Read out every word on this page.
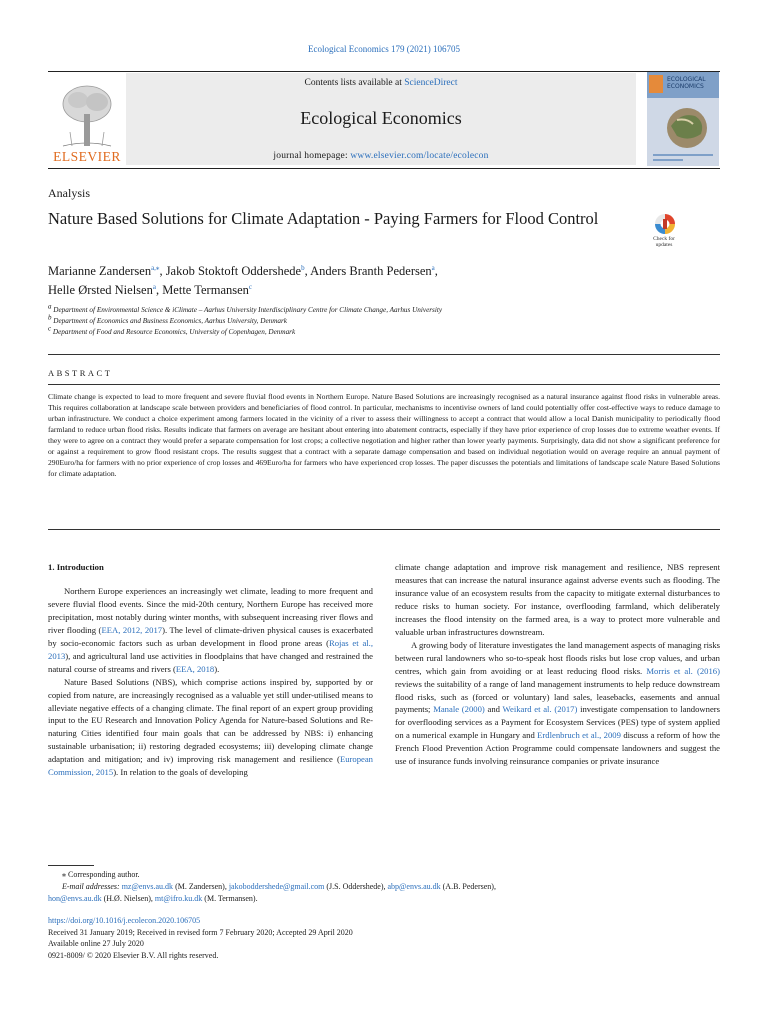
Ecological Economics 179 (2021) 106705
ELSEVIER
Contents lists available at ScienceDirect
Ecological Economics
journal homepage: www.elsevier.com/locate/ecolecon
ECOLOGICAL
ECONOMICS
Analysis
Nature Based Solutions for Climate Adaptation - Paying Farmers for Flood Control
Check for
updates
Marianne Zandersen$^{a,⁎}$, Jakob Stoktoft Oddershede$^b$, Anders Branth Pedersen$^a$,
Helle Ørsted Nielsen$^a$, Mette Termansen$^c$
$^a$ Department of Environmental Science & iClimate – Aarhus University Interdisciplinary Centre for Climate Change, Aarhus University
$^b$ Department of Economics and Business Economics, Aarhus University, Denmark
$^c$ Department of Food and Resource Economics, University of Copenhagen, Denmark
ABSTRACT
Climate change is expected to lead to more frequent and severe fluvial flood events in Northern Europe. Nature Based Solutions are increasingly recognised as a natural insurance against flood risks in vulnerable areas. This requires collaboration at landscape scale between providers and beneficiaries of flood control. In particular, mechanisms to incentivise owners of land could potentially offer cost-effective ways to reduce damage to urban infrastructure. We conduct a choice experiment among farmers located in the vicinity of a river to assess their willingness to accept a contract that would allow a local Danish municipality to periodically flood farmland to reduce urban flood risks. Results indicate that farmers on average are hesitant about entering into abatement contracts, especially if they have prior experience of crop losses due to extreme weather events. If they were to agree on a contract they would prefer a separate compensation for lost crops; a collective negotiation and higher rather than lower yearly payments. Surprisingly, data did not show a significant preference for or against a requirement to grow flood resistant crops. The results suggest that a contract with a separate damage compensation and based on individual negotiation would on average require an annual payment of 290Euro/ha for farmers with no prior experience of crop losses and 469Euro/ha for farmers who have experienced crop losses. The paper discusses the potentials and limitations of landscape scale Nature Based Solutions for climate adaptation.
1. Introduction

Northern Europe experiences an increasingly wet climate, leading to more frequent and severe fluvial flood events. Since the mid-20th century, Northern Europe has received more precipitation, most notably during winter months, with subsequent increasing river flows and river flooding (EEA, 2012, 2017). The level of climate-driven physical causes is exacerbated by socio-economic factors such as urban development in flood prone areas (Rojas et al., 2013), and agricultural land use activities in floodplains that have changed and restrained the natural course of streams and rivers (EEA, 2018).

Nature Based Solutions (NBS), which comprise actions inspired by, supported by or copied from nature, are increasingly recognised as a valuable yet still under-utilised means to alleviate negative effects of a changing climate. The final report of an expert group providing input to the EU Research and Innovation Policy Agenda for Nature-based Solutions and Re-naturing Cities identified four main goals that can be addressed by NBS: i) enhancing sustainable urbanisation; ii) restoring degraded ecosystems; iii) developing climate change adaptation and mitigation; and iv) improving risk management and resilience (European Commission, 2015). In relation to the goals of developing

climate change adaptation and improve risk management and resilience, NBS represent measures that can increase the natural insurance against adverse events such as flooding. The insurance value of an ecosystem results from the capacity to mitigate external disturbances to reduce risks to human society. For instance, overflooding farmland, which deliberately increases the flood intensity on the farmed area, is a way to protect more vulnerable and valuable urban infrastructures downstream.

A growing body of literature investigates the land management aspects of managing risks between rural landowners who so-to-speak host floods risks but lose crop values, and urban centres, which gain from avoiding or at least reducing flood risks. Morris et al. (2016) reviews the suitability of a range of land management instruments to help reduce downstream flood risks, such as (forced or voluntary) land sales, leasebacks, easements and annual payments; Manale (2000) and Weikard et al. (2017) investigate compensation to landowners for overflooding services as a Payment for Ecosystem Services (PES) type of system applied on a numerical example in Hungary and Erdlenbruch et al., 2009 discuss a reform of how the French Flood Prevention Action Programme could compensate landowners and suggest the use of insurance funds involving reinsurance companies or private insurance

⁎ Corresponding author.
E-mail addresses: mz@envs.au.dk (M. Zandersen), jakoboddershede@gmail.com (J.S. Oddershede), abp@envs.au.dk (A.B. Pedersen),
hon@envs.au.dk (H.Ø. Nielsen), mt@ifro.ku.dk (M. Termansen).
https://doi.org/10.1016/j.ecolecon.2020.106705
Received 31 January 2019; Received in revised form 7 February 2020; Accepted 29 April 2020
Available online 27 July 2020
0921-8009/ © 2020 Elsevier B.V. All rights reserved.
